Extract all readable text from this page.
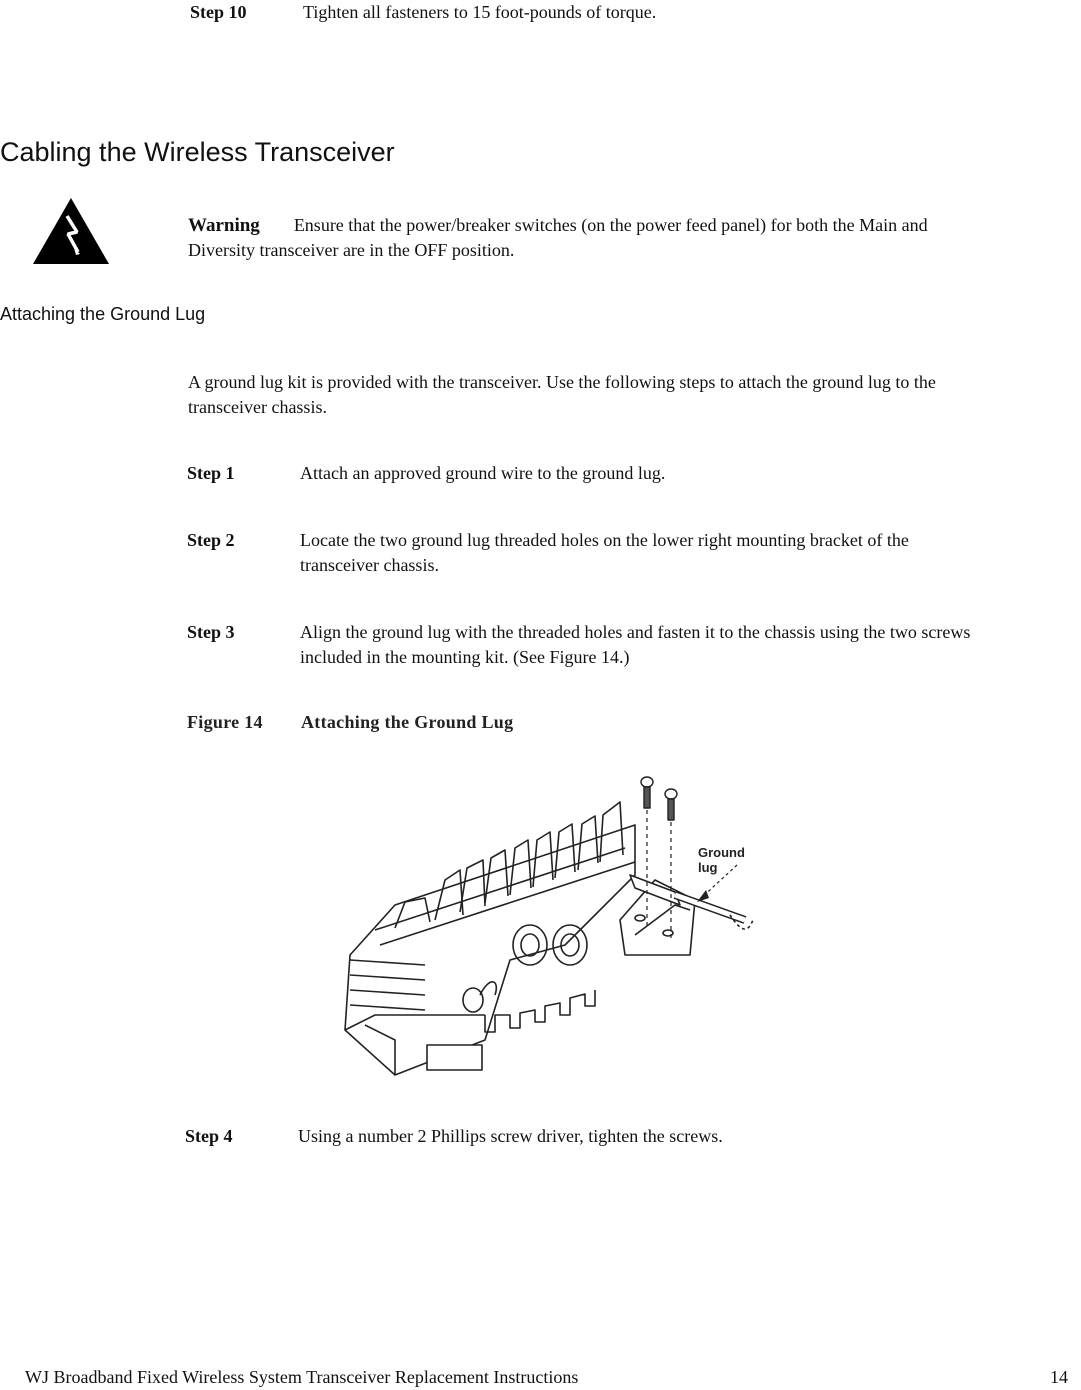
Step 10	Tighten all fasteners to 15 foot-pounds of torque.
Cabling the Wireless Transceiver
Warning Ensure that the power/breaker switches (on the power feed panel) for both the Main and
Diversity transceiver are in the OFF position.
Attaching the Ground Lug
A ground lug kit is provided with the transceiver. Use the following steps to attach the ground lug to the
transceiver chassis.
Step 1	Attach an approved ground wire to the ground lug.
Step 2	Locate the two ground lug threaded holes on the lower right mounting bracket of the
transceiver chassis.
Step 3	Align the ground lug with the threaded holes and fasten it to the chassis using the two screws
included in the mounting kit. (See Figure 14.)
Figure 14 Attaching the Ground Lug
Ground lug
Step 4	Using a number 2 Phillips screw driver, tighten the screws.
WJ Broadband Fixed Wireless System Transceiver Replacement Instructions	14
